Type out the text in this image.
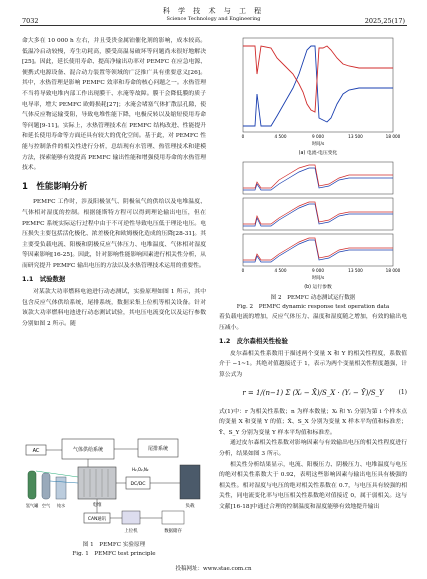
7032
科 学 技 术 与 工 程
Science Technology and Engineering	2025,25(17)

命大多在 10 000 h 左右，并且受贵金属铂催化剂的影响，成本较高。低温冷启动较慢，寿生功耗高，膜受高温易破坏等问题尚未很好地解决[25]。因此，延长使用寿命、提高净输出功率对 PEMFC 在应急电源、便携式电源设备、混合动力装置等领域的广泛推广具有重要意义[26]。其中，水热管理是影响 PEMFC 效率和寿命的核心问题之一。水热管理不当将导致电堆内部工作出现膜干、水淹等故障。膜干会降低膜的质子电导率，增大 PEMFC 欧姆损耗[27]；水淹会堵塞气体扩散层孔隙，使气体反应物运输受阻，导致电堆性能下降，电极反转以及缩短使用寿命等问题[9-11]。实际上，水热管理技术在 PEMFC 结构改进、性能提升和延长使用寿命等方面还具有较大的优化空间。基于此，对 PEMFC 性能与控制条件的相关性进行分析，总结现有水管理、热管理技术和建模方法，探索能够有效提高 PEMFC 输出性能和增强使用寿命的水热管理技术。

1　性能影响分析

PEMFC 工作时，涉及阳极氢气、阴极氧气的供给以及电堆温度、气体相对湿度的控制。根据能斯特方程可以得到理论输出电压，但在 PEMFC 系统实际运行过程中由于不可逆性导致电压低于理论电压。电压损失主要包括活化极化、浓差极化和欧姆极化造成的压降[28-31]。其主要受负载电流、阳极和阴极反应气体压力、电堆温度、气体相对湿度等因素影响[16-25]。因此，针对影响性能影响因素进行相关性分析，从而研究提升 PEMFC 输出电压的方法以及水热管理技术运用的重要性。

1.1　试验数据

对某款大功率燃料电池进行动态测试，实验原理如图 1 所示，其中包含反应气体供给系统，尾排系统，数据采集上位机等相关设备。针对该款大功率燃料电池进行动态测试试验，其电压电流变化以及运行参数分别如图 2 所示。随

气体供给系统
AC
氢气罐 空气 纯水	电堆
尾排系统
H₂,O₂,N₂
DC/DC
负载
CAN通讯
上位机	数据储存
图 1　PEMFC 实验原理
Fig. 1　PEMFC test principle
0	4 500	9 000	13 500	18 000
时间/s
(a) 电流-电压变化
0	4 500	9 000	13 500	18 000
时间/s
(b) 运行参数
图 2　PEMFC 动态测试运行数据
Fig. 2　PEMFC dynamic response test operation data

着负载电流的增加，反应气体压力、温度和湿度随之增加，有效的输出电压减小。

1.2　皮尔森相关性检验

皮尔森相关性系数用于描述两个变量 X 和 Y 的相关性程度，系数值介于 −1~1。其绝对值越接近于 1，表示为两个变量相关性程度越强，计算公式为

r = 1/(n−1) Σ (Xᵢ − X̄)/S_X · (Yᵢ − Ȳ)/S_Y (1)

式(1)中：r 为相关性系数；n 为样本数量；Xᵢ 和 Yᵢ 分别为第 i 个样本点的变量 X 和变量 Y 的值；X̄、S_X 分别为变量 X 样本平均值和标准差；Ȳ、S_Y 分别为变量 Y 样本平均值和标准差。

通过皮尔森相关性系数对影响因素与有效输出电压的相关性程度进行分析，结果如图 3 所示。

相关性分析结果显示，电流、阳极压力、阴极压力、电堆温度与电压的绝对相关性系数大于 0.92，表明这些影响因素与输出电压具有极强的相关性。相对湿度与电压的绝对相关性系数在 0.7，与电压具有较强的相关性，同电流变化率与电压相关性系数绝对值接近 0，属于弱相关。这与文献[16-18]中通过合理的控制温度和湿度能够有效地提升输出

投稿网址：www.stae.com.cn
